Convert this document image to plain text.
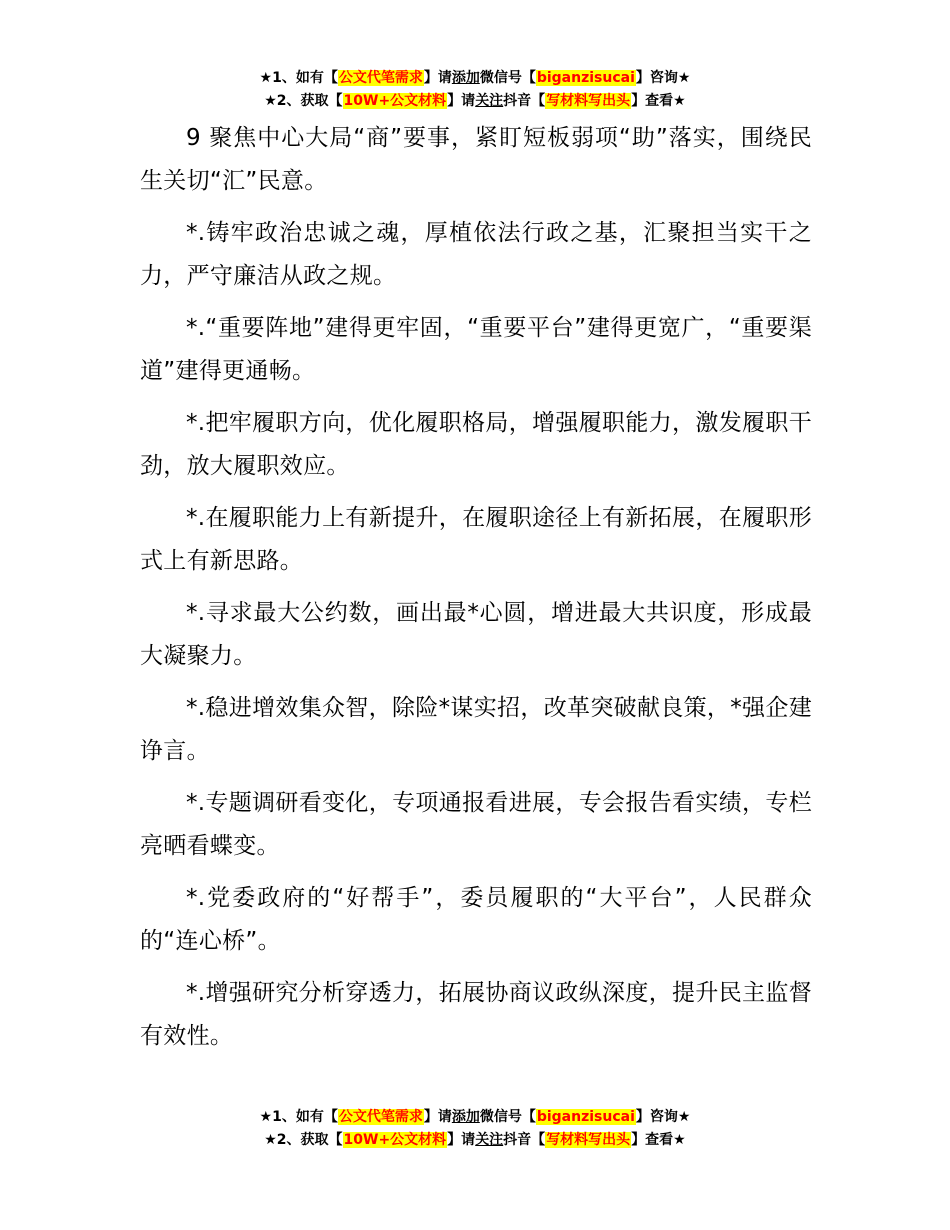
★1、如有【公文代笔需求】请添加微信号【biganzisucai】咨询★
★2、获取【10W+公文材料】请关注抖音【写材料写出头】查看★

9 聚焦中心大局“商”要事，紧盯短板弱项“助”落实，围绕民生关切“汇”民意。

*.铸牢政治忠诚之魂，厚植依法行政之基，汇聚担当实干之力，严守廉洁从政之规。

*.“重要阵地”建得更牢固，“重要平台”建得更宽广，“重要渠道”建得更通畅。

*.把牢履职方向，优化履职格局，增强履职能力，激发履职干劲，放大履职效应。

*.在履职能力上有新提升，在履职途径上有新拓展，在履职形式上有新思路。

*.寻求最大公约数，画出最*心圆，增进最大共识度，形成最大凝聚力。

*.稳进增效集众智，除险*谋实招，改革突破献良策，*强企建诤言。

*.专题调研看变化，专项通报看进展，专会报告看实绩，专栏亮晒看蝶变。

*.党委政府的“好帮手”，委员履职的“大平台”，人民群众的“连心桥”。

*.增强研究分析穿透力，拓展协商议政纵深度，提升民主监督有效性。

★1、如有【公文代笔需求】请添加微信号【biganzisucai】咨询★
★2、获取【10W+公文材料】请关注抖音【写材料写出头】查看★
